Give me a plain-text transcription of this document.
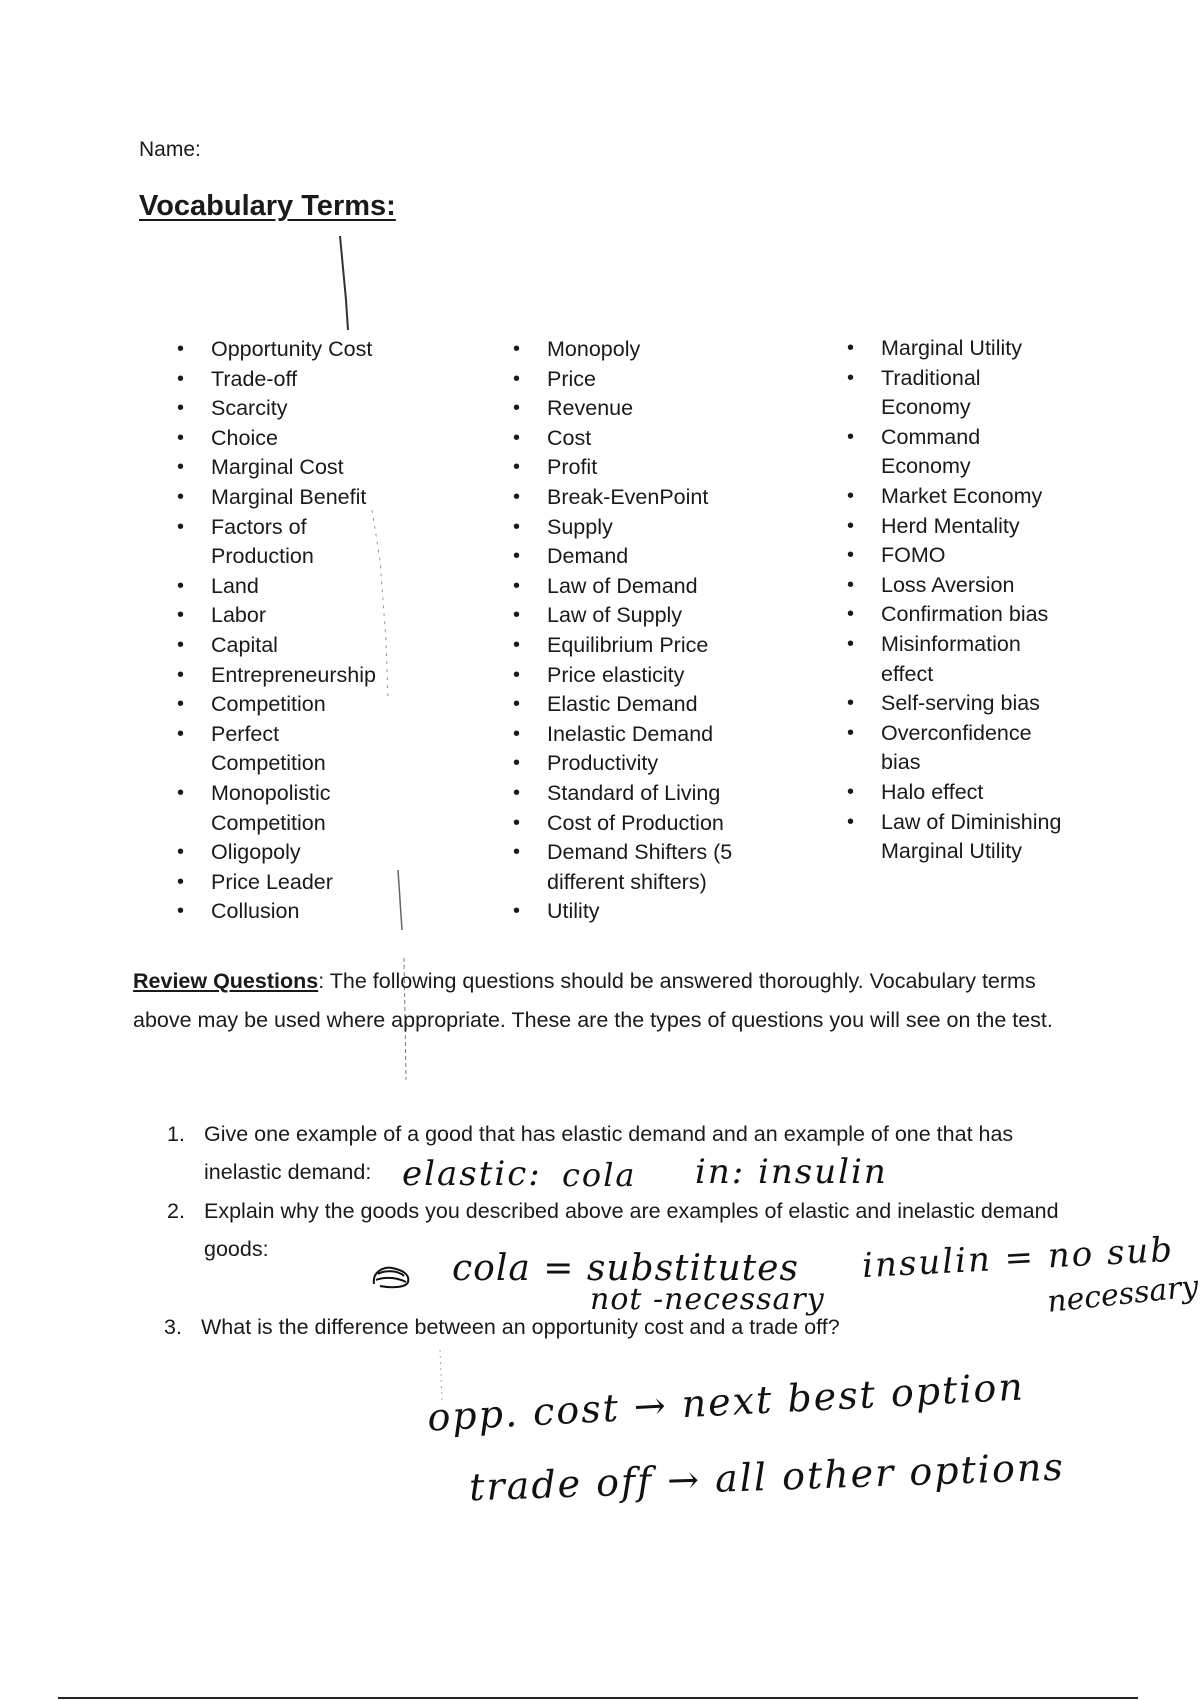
Name:
Vocabulary Terms:
• Opportunity Cost
• Trade-off
• Scarcity
• Choice
• Marginal Cost
• Marginal Benefit
• Factors of Production
• Land
• Labor
• Capital
• Entrepreneurship
• Competition
• Perfect Competition
• Monopolistic Competition
• Oligopoly
• Price Leader
• Collusion
• Monopoly
• Price
• Revenue
• Cost
• Profit
• Break-EvenPoint
• Supply
• Demand
• Law of Demand
• Law of Supply
• Equilibrium Price
• Price elasticity
• Elastic Demand
• Inelastic Demand
• Productivity
• Standard of Living
• Cost of Production
• Demand Shifters (5 different shifters)
• Utility
• Marginal Utility
• Traditional Economy
• Command Economy
• Market Economy
• Herd Mentality
• FOMO
• Loss Aversion
• Confirmation bias
• Misinformation effect
• Self-serving bias
• Overconfidence bias
• Halo effect
• Law of Diminishing Marginal Utility
Review Questions: The following questions should be answered thoroughly. Vocabulary terms above may be used where appropriate. These are the types of questions you will see on the test.
1. Give one example of a good that has elastic demand and an example of one that has inelastic demand: elastic: cola in: insulin
2. Explain why the goods you described above are examples of elastic and inelastic demand goods:	cola = substitutes
not -necessary
insulin = no sub
necessary
3. What is the difference between an opportunity cost and a trade off?
opp. cost → next best option
trade off → all other options
